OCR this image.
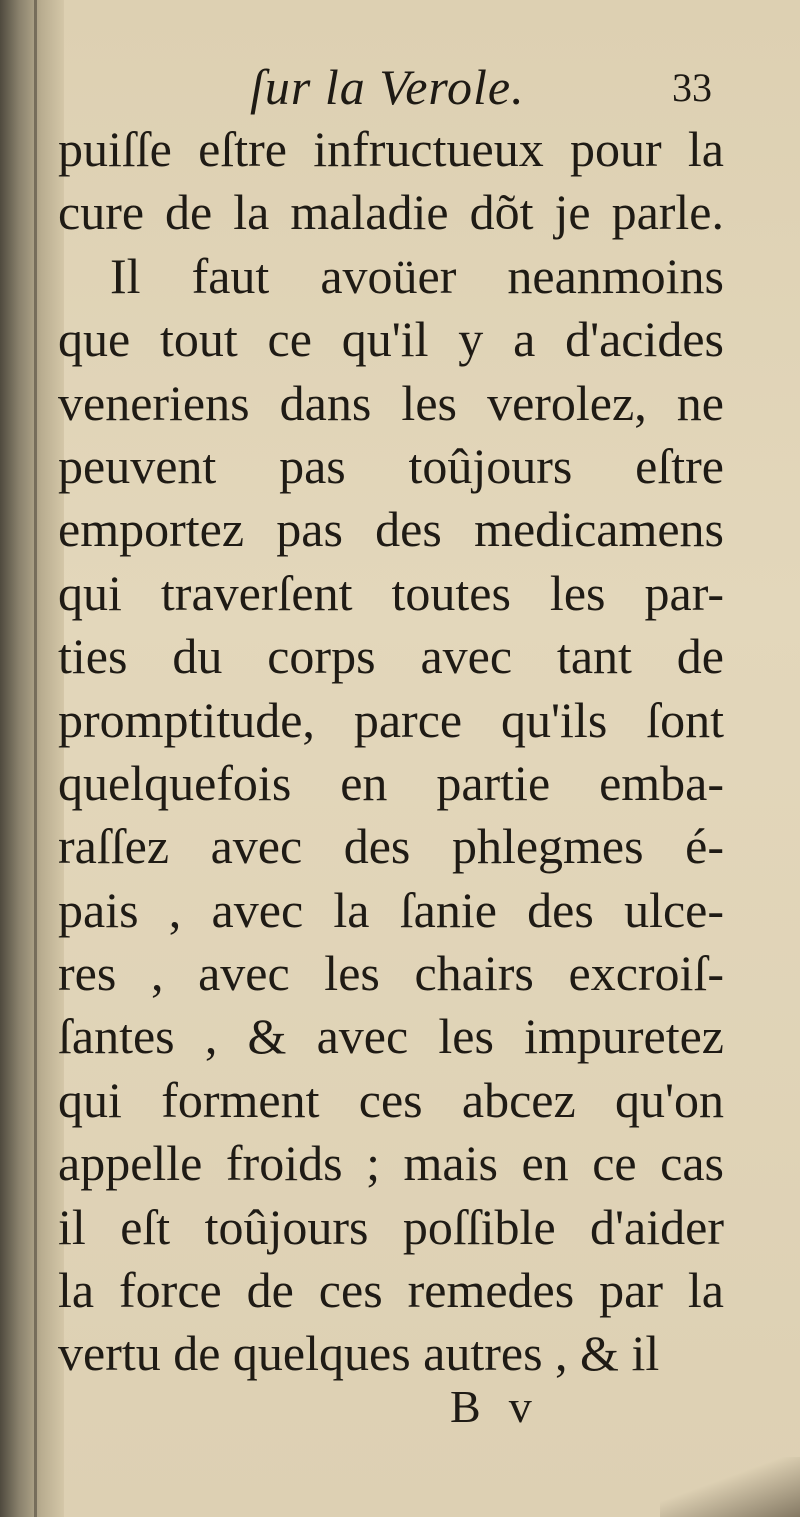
ſur la Verole.	33
puiſſe eſtre infructueux pour la
cure de la maladie dõt je parle.
Il faut avoüer neanmoins
que tout ce qu'il y a d'acides
veneriens dans les verolez, ne
peuvent pas toûjours eſtre
emportez pas des medicamens
qui traverſent toutes les par-
ties du corps avec tant de
promptitude, parce qu'ils ſont
quelquefois en partie emba-
raſſez avec des phlegmes é-
pais , avec la ſanie des ulce-
res , avec les chairs excroiſ-
ſantes , & avec les impuretez
qui forment ces abcez qu'on
appelle froids ; mais en ce cas
il eſt toûjours poſſible d'aider
la force de ces remedes par la
vertu de quelques autres , & il
B v
